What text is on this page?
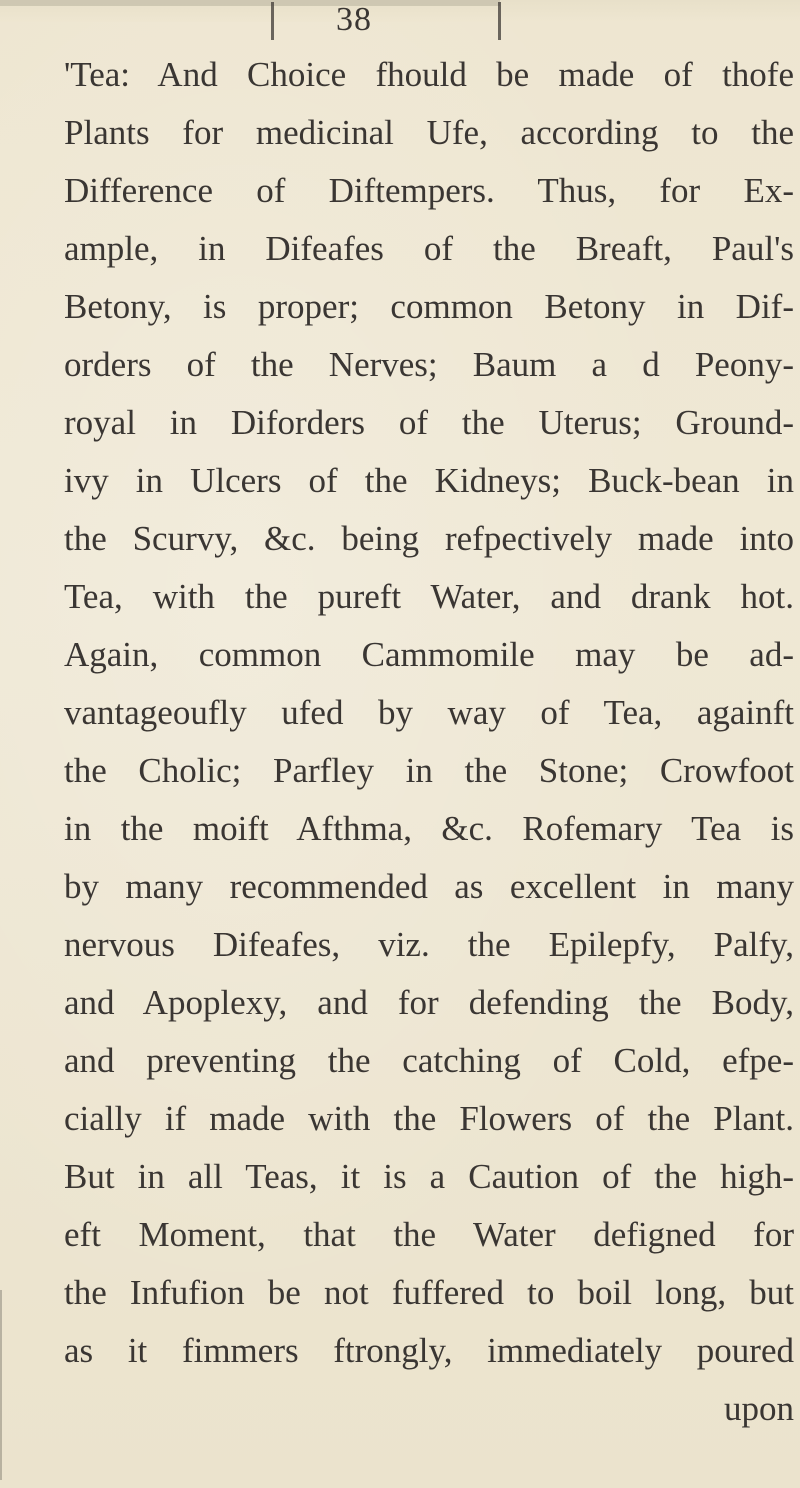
38
'Tea: And Choice fhould be made of thofe
Plants for medicinal Ufe, according to the
Difference of Diftempers. Thus, for Ex-
ample, in Difeafes of the Breaft, Paul's
Betony, is proper; common Betony in Dif-
orders of the Nerves; Baum a d Peony-
royal in Diforders of the Uterus; Ground-
ivy in Ulcers of the Kidneys; Buck-bean in
the Scurvy, &c. being refpectively made into
Tea, with the pureft Water, and drank hot.
Again, common Cammomile may be ad-
vantageoufly ufed by way of Tea, againft
the Cholic; Parfley in the Stone; Crowfoot
in the moift Afthma, &c. Rofemary Tea is
by many recommended as excellent in many
nervous Difeafes, viz. the Epilepfy, Palfy,
and Apoplexy, and for defending the Body,
and preventing the catching of Cold, efpe-
cially if made with the Flowers of the Plant.
But in all Teas, it is a Caution of the high-
eft Moment, that the Water defigned for
the Infufion be not fuffered to boil long, but
as it fimmers ftrongly, immediately poured
upon
